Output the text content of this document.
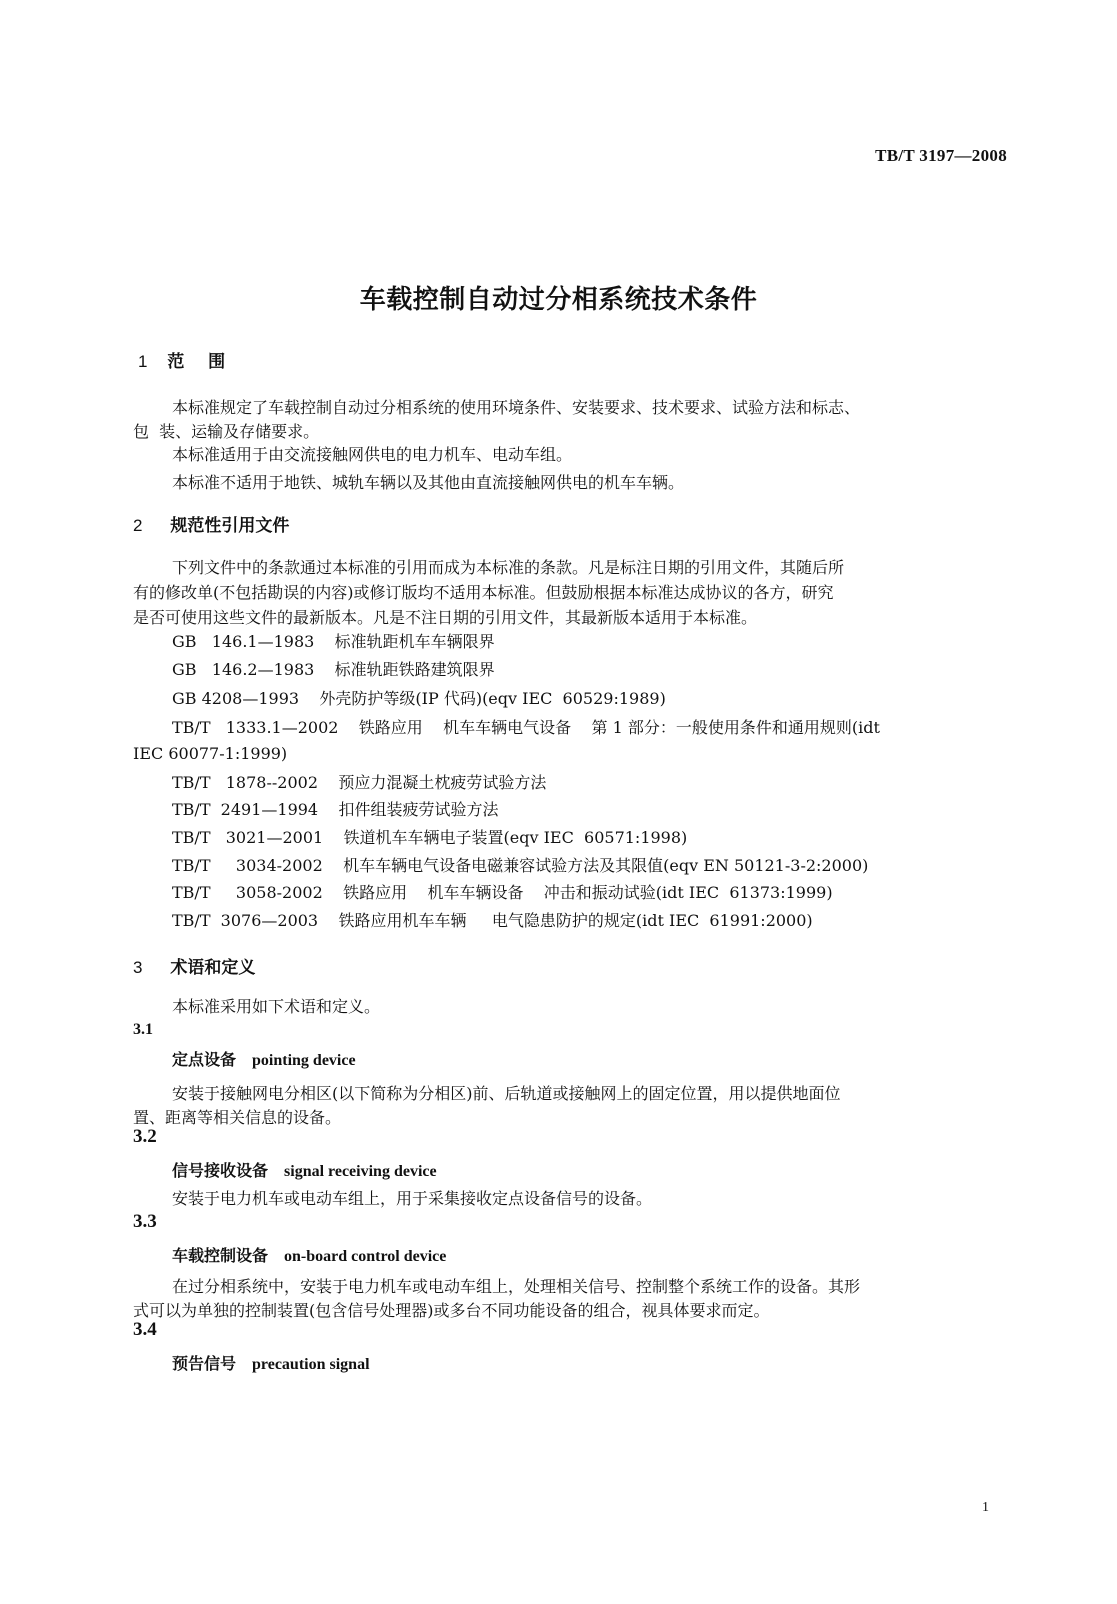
TB/T 3197—2008
车载控制自动过分相系统技术条件
1 范    围
本标准规定了车载控制自动过分相系统的使用环境条件、安装要求、技术要求、试验方法和标志、
包  装、运输及存储要求。
本标准适用于由交流接触网供电的电力机车、电动车组。
本标准不适用于地铁、城轨车辆以及其他由直流接触网供电的机车车辆。
2 规范性引用文件
下列文件中的条款通过本标准的引用而成为本标准的条款。凡是标注日期的引用文件，其随后所
有的修改单(不包括勘误的内容)或修订版均不适用本标准。但鼓励根据本标准达成协议的各方，研究
是否可使用这些文件的最新版本。凡是不注日期的引用文件，其最新版本适用于本标准。
GB   146.1—1983    标准轨距机车车辆限界
GB   146.2—1983    标准轨距铁路建筑限界
GB 4208—1993    外壳防护等级(IP 代码)(eqv IEC  60529:1989)
TB/T   1333.1—2002    铁路应用    机车车辆电气设备    第 1 部分：一般使用条件和通用规则(idt
IEC 60077-1:1999)
TB/T   1878--2002    预应力混凝土枕疲劳试验方法
TB/T  2491—1994    扣件组装疲劳试验方法
TB/T   3021—2001    铁道机车车辆电子装置(eqv IEC  60571:1998)
TB/T     3034-2002    机车车辆电气设备电磁兼容试验方法及其限值(eqv EN 50121-3-2:2000)
TB/T     3058-2002    铁路应用    机车车辆设备    冲击和振动试验(idt IEC  61373:1999)
TB/T  3076—2003    铁路应用机车车辆     电气隐患防护的规定(idt IEC  61991:2000)
3 术语和定义
本标准采用如下术语和定义。
3.1
定点设备 pointing device
安装于接触网电分相区(以下简称为分相区)前、后轨道或接触网上的固定位置，用以提供地面位
置、距离等相关信息的设备。
3.2
信号接收设备 signal receiving device
安装于电力机车或电动车组上，用于采集接收定点设备信号的设备。
3.3
车载控制设备 on-board control device
在过分相系统中，安装于电力机车或电动车组上，处理相关信号、控制整个系统工作的设备。其形
式可以为单独的控制装置(包含信号处理器)或多台不同功能设备的组合，视具体要求而定。
3.4
预告信号 precaution signal
1
